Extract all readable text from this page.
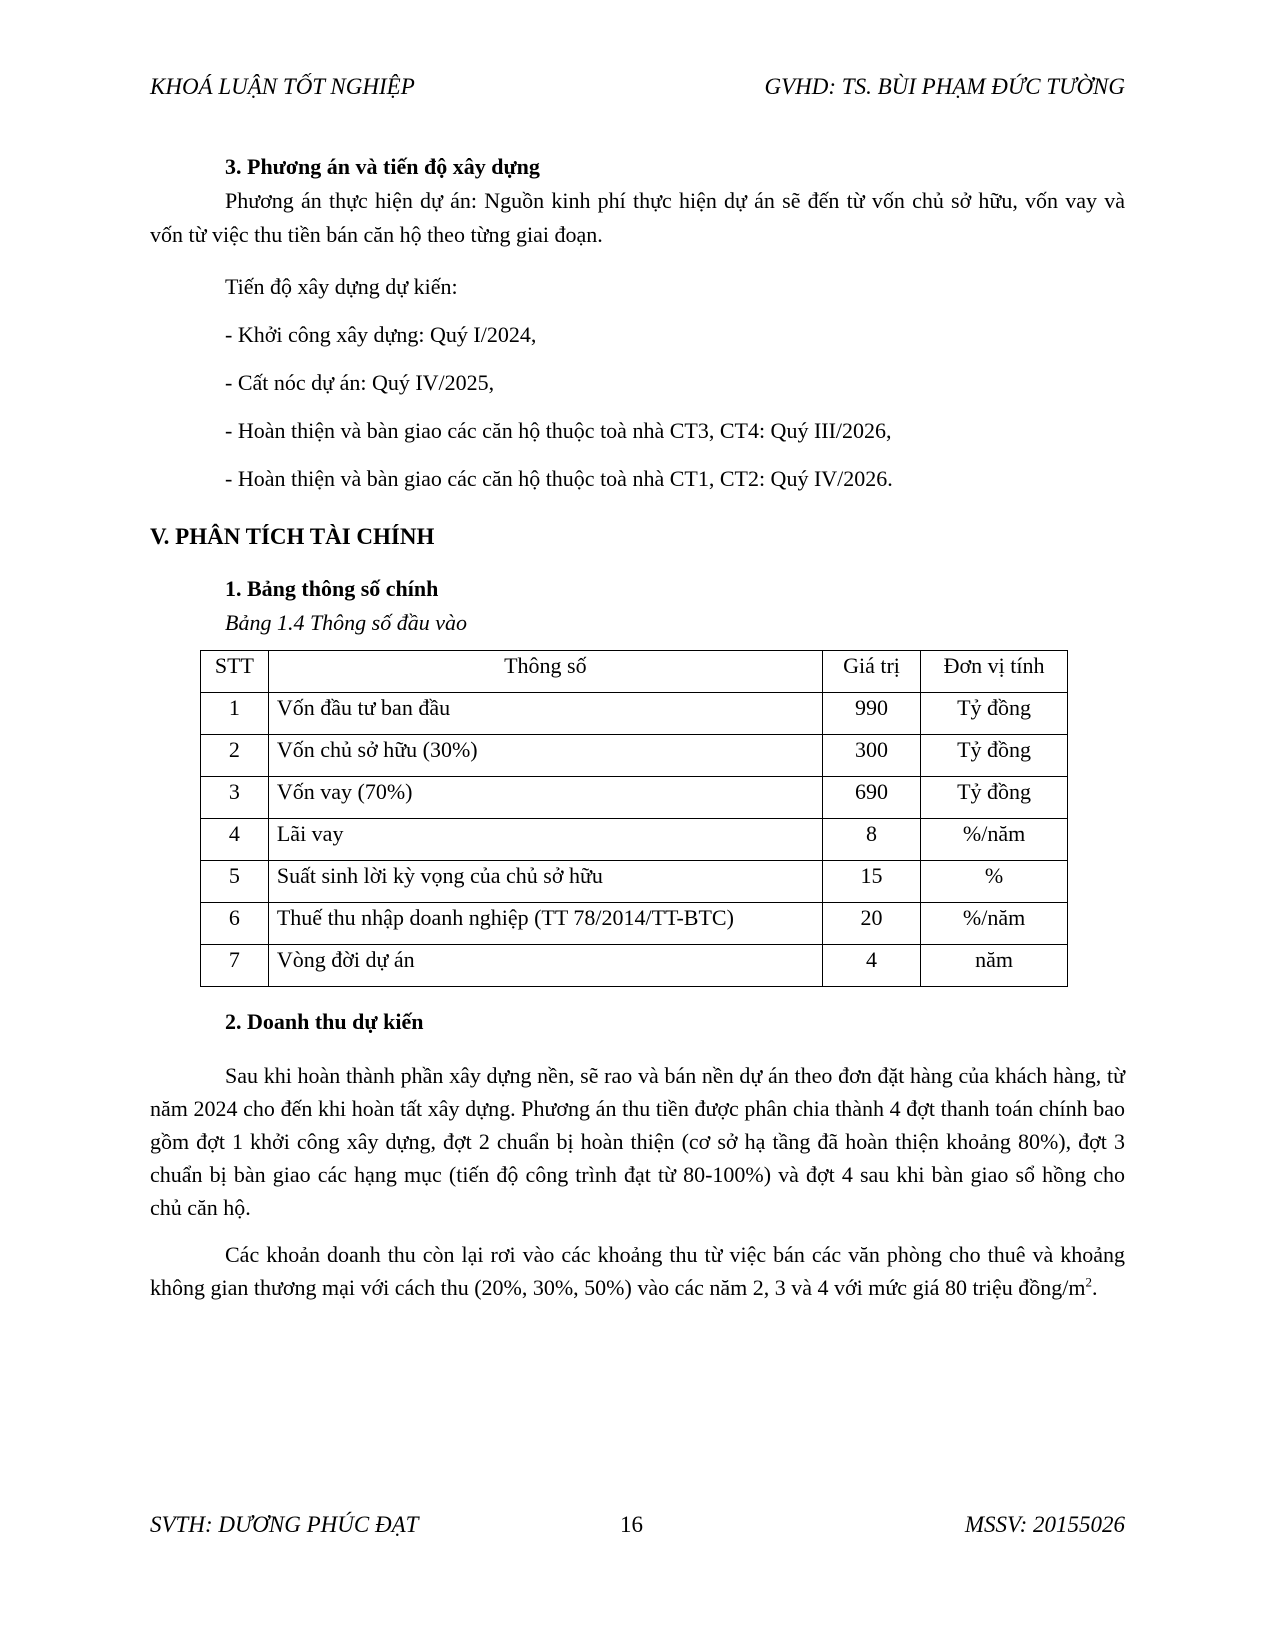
KHOÁ LUẬN TỐT NGHIỆP	GVHD: TS. BÙI PHẠM ĐỨC TƯỜNG

3. Phương án và tiến độ xây dựng

Phương án thực hiện dự án: Nguồn kinh phí thực hiện dự án sẽ đến từ vốn chủ sở hữu, vốn vay và vốn từ việc thu tiền bán căn hộ theo từng giai đoạn.

Tiến độ xây dựng dự kiến:

- Khởi công xây dựng: Quý I/2024,

- Cất nóc dự án: Quý IV/2025,

- Hoàn thiện và bàn giao các căn hộ thuộc toà nhà CT3, CT4: Quý III/2026,

- Hoàn thiện và bàn giao các căn hộ thuộc toà nhà CT1, CT2: Quý IV/2026.

V. PHÂN TÍCH TÀI CHÍNH

1. Bảng thông số chính

Bảng 1.4 Thông số đầu vào

STT	Thông số	Giá trị	Đơn vị tính
1	Vốn đầu tư ban đầu	990	Tỷ đồng
2	Vốn chủ sở hữu (30%)	300	Tỷ đồng
3	Vốn vay (70%)	690	Tỷ đồng
4	Lãi vay	8	%/năm
5	Suất sinh lời kỳ vọng của chủ sở hữu	15	%
6	Thuế thu nhập doanh nghiệp (TT 78/2014/TT-BTC)	20	%/năm
7	Vòng đời dự án	4	năm

2. Doanh thu dự kiến

Sau khi hoàn thành phần xây dựng nền, sẽ rao và bán nền dự án theo đơn đặt hàng của khách hàng, từ năm 2024 cho đến khi hoàn tất xây dựng. Phương án thu tiền được phân chia thành 4 đợt thanh toán chính bao gồm đợt 1 khởi công xây dựng, đợt 2 chuẩn bị hoàn thiện (cơ sở hạ tầng đã hoàn thiện khoảng 80%), đợt 3 chuẩn bị bàn giao các hạng mục (tiến độ công trình đạt từ 80-100%) và đợt 4 sau khi bàn giao sổ hồng cho chủ căn hộ.

Các khoản doanh thu còn lại rơi vào các khoảng thu từ việc bán các văn phòng cho thuê và khoảng không gian thương mại với cách thu (20%, 30%, 50%) vào các năm 2, 3 và 4 với mức giá 80 triệu đồng/$m^2$.

SVTH: DƯƠNG PHÚC ĐẠT	16	MSSV: 20155026
